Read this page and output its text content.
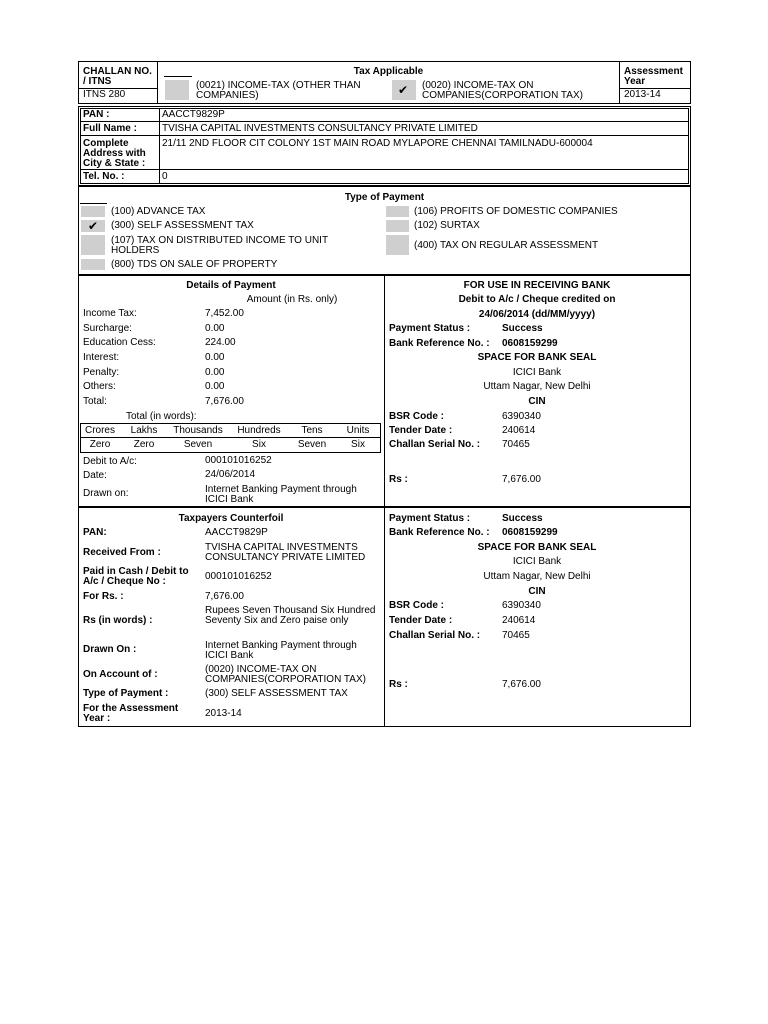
CHALLAN NO. / ITNS
ITNS 280
Tax Applicable
(0021) INCOME-TAX (OTHER THAN COMPANIES)	✔ (0020) INCOME-TAX ON COMPANIES(CORPORATION TAX)
Assessment Year
2013-14
PAN :	AACCT9829P
Full Name :	TVISHA CAPITAL INVESTMENTS CONSULTANCY PRIVATE LIMITED
Complete Address with City & State :
21/11 2ND FLOOR CIT COLONY 1ST MAIN ROAD MYLAPORE CHENNAI TAMILNADU-600004
Tel. No. :	0
Type of Payment
(100) ADVANCE TAX	(106) PROFITS OF DOMESTIC COMPANIES
✔ (300) SELF ASSESSMENT TAX	(102) SURTAX
(107) TAX ON DISTRIBUTED INCOME TO UNIT HOLDERS	(400) TAX ON REGULAR ASSESSMENT
(800) TDS ON SALE OF PROPERTY
Details of Payment
Amount (in Rs. only)
Income Tax:	7,452.00
Surcharge:	0.00
Education Cess:	224.00
Interest:	0.00
Penalty:	0.00
Others:	0.00
Total:	7,676.00
Total (in words):
Crores	Lakhs	Thousands	Hundreds	Tens	Units
Zero	Zero	Seven	Six	Seven	Six
Debit to A/c:	000101016252
Date:	24/06/2014
Drawn on:	Internet Banking Payment through ICICI Bank
FOR USE IN RECEIVING BANK
Debit to A/c / Cheque credited on
24/06/2014 (dd/MM/yyyy)
Payment Status :	Success
Bank Reference No. : 0608159299
SPACE FOR BANK SEAL
ICICI Bank
Uttam Nagar, New Delhi
CIN
BSR Code :	6390340
Tender Date :	240614
Challan Serial No. : 70465
Rs :	7,676.00
Taxpayers Counterfoil
PAN:	AACCT9829P
Received From :	TVISHA CAPITAL INVESTMENTS CONSULTANCY PRIVATE LIMITED
Paid in Cash / Debit to A/c / Cheque No :	000101016252
For Rs. :	7,676.00
Rs (in words) :
Rupees Seven Thousand Six Hundred Seventy Six and Zero paise only
Drawn On :	Internet Banking Payment through ICICI Bank
On Account of :	(0020) INCOME-TAX ON COMPANIES(CORPORATION TAX)
Type of Payment :	(300) SELF ASSESSMENT TAX
For the Assessment Year :	2013-14
Payment Status :	Success
Bank Reference No. : 0608159299
SPACE FOR BANK SEAL
ICICI Bank
Uttam Nagar, New Delhi
CIN
BSR Code :	6390340
Tender Date :	240614
Challan Serial No. : 70465
Rs :	7,676.00
